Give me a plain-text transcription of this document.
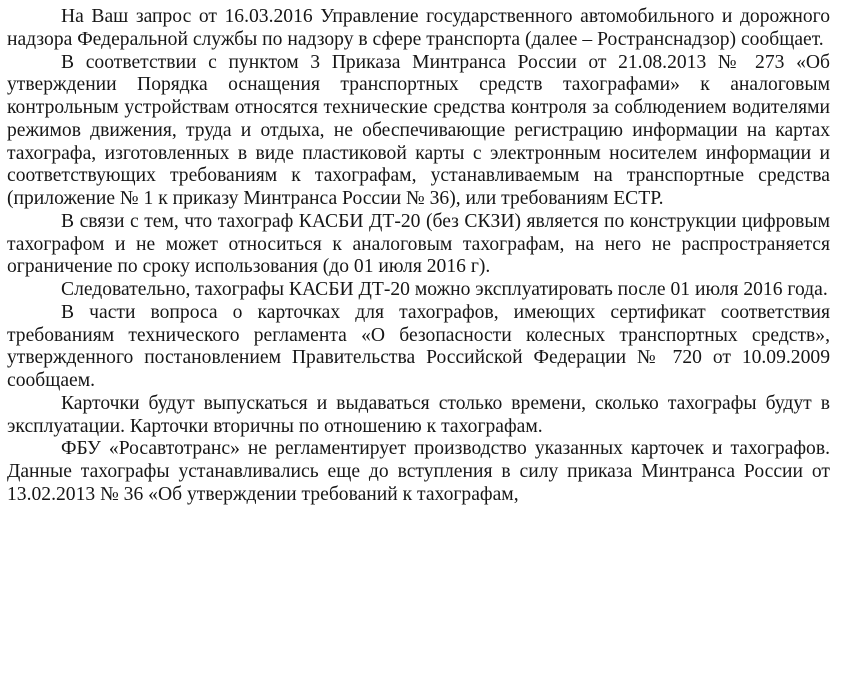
На Ваш запрос от 16.03.2016 Управление государственного автомобильного и дорожного надзора Федеральной службы по надзору в сфере транспорта (далее – Ространснадзор) сообщает.

В соответствии с пунктом 3 Приказа Минтранса России от 21.08.2013 № 273 «Об утверждении Порядка оснащения транспортных средств тахографами» к аналоговым контрольным устройствам относятся технические средства контроля за соблюдением водителями режимов движения, труда и отдыха, не обеспечивающие регистрацию информации на картах тахографа, изготовленных в виде пластиковой карты с электронным носителем информации и соответствующих требованиям к тахографам, устанавливаемым на транспортные средства (приложение № 1 к приказу Минтранса России № 36), или требованиям ЕСТР.

В связи с тем, что тахограф КАСБИ ДТ-20 (без СКЗИ) является по конструкции цифровым тахографом и не может относиться к аналоговым тахографам, на него не распространяется ограничение по сроку использования (до 01 июля 2016 г).

Следовательно, тахографы КАСБИ ДТ-20 можно эксплуатировать после 01 июля 2016 года.

В части вопроса о карточках для тахографов, имеющих сертификат соответствия требованиям технического регламента «О безопасности колесных транспортных средств», утвержденного постановлением Правительства Российской Федерации № 720 от 10.09.2009 сообщаем.

Карточки будут выпускаться и выдаваться столько времени, сколько тахографы будут в эксплуатации. Карточки вторичны по отношению к тахографам.

ФБУ «Росавтотранс» не регламентирует производство указанных карточек и тахографов. Данные тахографы устанавливались еще до вступления в силу приказа Минтранса России от 13.02.2013 № 36 «Об утверждении требований к тахографам,
